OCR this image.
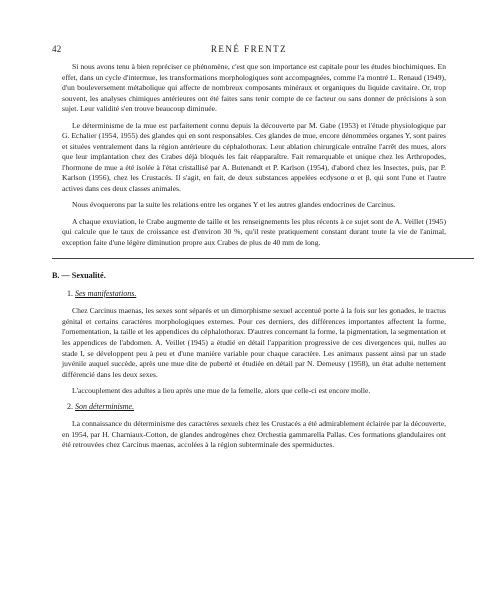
42	RENÉ FRENTZ

Si nous avons tenu à bien repréciser ce phénomène, c'est que son importance est capitale pour les études biochimiques. En effet, dans un cycle d'intermue, les transformations morphologiques sont accompagnées, comme l'a montré L. Renaud (1949), d'un bouleversement métabolique qui affecte de nombreux composants minéraux et organiques du liquide cavitaire. Or, trop souvent, les analyses chimiques antérieures ont été faites sans tenir compte de ce facteur ou sans donner de précisions à son sujet. Leur validité s'en trouve beaucoup diminuée.

Le déterminisme de la mue est parfaitement connu depuis la découverte par M. Gabe (1953) et l'étude physiologique par G. Echalier (1954, 1955) des glandes qui en sont responsables. Ces glandes de mue, encore dénommées organes Y, sont paires et situées ventralement dans la région antérieure du céphalothorax. Leur ablation chirurgicale entraîne l'arrêt des mues, alors que leur implantation chez des Crabes déjà bloqués les fait réapparaître. Fait remarquable et unique chez les Arthropodes, l'hormone de mue a été isolée à l'état cristallisé par A. Butenandt et P. Karlson (1954), d'abord chez les Insectes, puis, par P. Karlson (1956), chez les Crustacés. Il s'agit, en fait, de deux substances appelées ecdysone α et β, qui sont l'une et l'autre actives dans ces deux classes animales.

Nous évoquerons par la suite les relations entre les organes Y et les autres glandes endocrines de Carcinus.

A chaque exuviation, le Crabe augmente de taille et les renseignements les plus récents à ce sujet sont de A. Veillet (1945) qui calcule que le taux de croissance est d'environ 30 %, qu'il reste pratiquement constant durant toute la vie de l'animal, exception faite d'une légère diminution propre aux Crabes de plus de 40 mm de long.

B. — Sexualité.
1. Ses manifestations.

Chez Carcinus maenas, les sexes sont séparés et un dimorphisme sexuel accentué porte à la fois sur les gonades, le tractus génital et certains caractères morphologiques externes. Pour ces derniers, des différences importantes affectent la forme, l'ornementation, la taille et les appendices du céphalothorax. D'autres concernant la forme, la pigmentation, la segmentation et les appendices de l'abdomen. A. Veillet (1945) a étudié en détail l'apparition progressive de ces divergences qui, nulles au stade I, se développent peu à peu et d'une manière variable pour chaque caractère. Les animaux passent ainsi par un stade juvénile auquel succède, après une mue dite de puberté et étudiée en détail par N. Demeusy (1958), un état adulte nettement différencié dans les deux sexes.

L'accouplement des adultes a lieu après une mue de la femelle, alors que celle-ci est encore molle.

2. Son déterminisme.

La connaissance du déterminisme des caractères sexuels chez les Crustacés a été admirablement éclairée par la découverte, en 1954, par H. Charniaux-Cotton, de glandes androgènes chez Orchestia gammarella Pallas. Ces formations glandulaires ont été retrouvées chez Carcinus maenas, accolées à la région subterminale des spermiductes.
